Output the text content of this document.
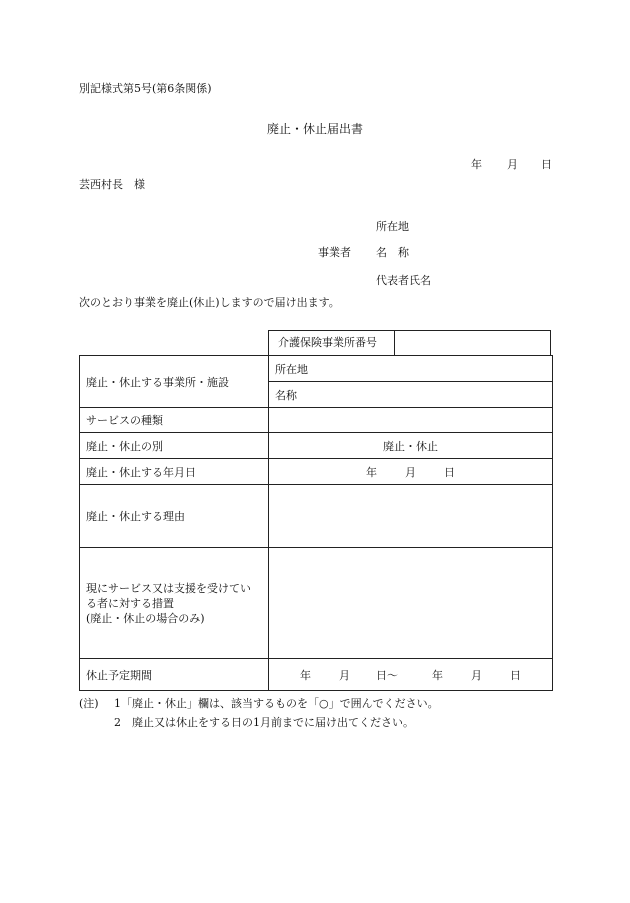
別記様式第5号(第6条関係)
廃止・休止届出書
年 月 日
芸西村長　様
所在地
事業者 名　称
代表者氏名
次のとおり事業を廃止(休止)しますので届け出ます。
介護保険事業所番号
廃止・休止する事業所・施設	所在地
	名称
サービスの種類	
廃止・休止の別	廃止・休止
廃止・休止する年月日	年 月 日
廃止・休止する理由	

現にサービス又は支援を受けてい
る者に対する措置
(廃止・休止の場合のみ)	

休止予定期間	年 月 日～ 年 月 日
(注) 1「廃止・休止」欄は、該当するものを「○」で囲んでください。
2　廃止又は休止をする日の1月前までに届け出てください。
